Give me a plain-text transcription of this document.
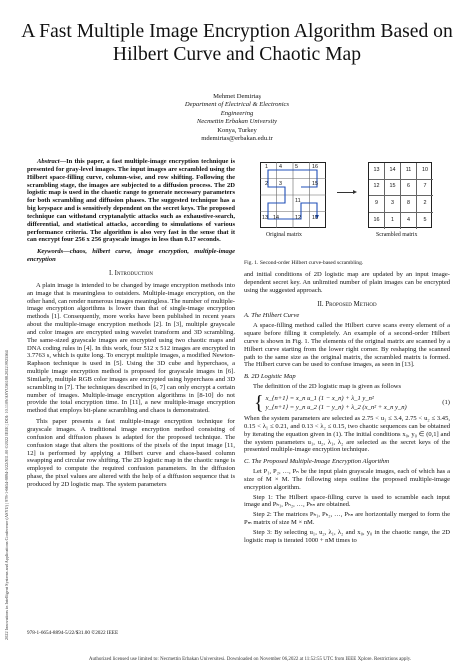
2022 Innovations in Intelligent Systems and Applications Conference (ASYU) | 978-1-6654-8894-5/22/$31.00 ©2022 IEEE | DOI: 10.1109/ASYU56188.2022.9925564
A Fast Multiple Image Encryption Algorithm Based on Hilbert Curve and Chaotic Map
Mehmet Demirtaş
Department of Electrical & Electronics
Engineering
Necmettin Erbakan University
Konya, Turkey
mdemirtas@erbakan.edu.tr

Abstract—In this paper, a fast multiple-image encryption technique is presented for gray-level images. The input images are scrambled using the Hilbert space-filling curve, column-wise, and row shifting. Following the scrambling stage, the images are subjected to a diffusion process. The 2D logistic map is used in the chaotic range to generate necessary parameters for both scrambling and diffusion phases. The suggested technique has a big keyspace and is sensitively dependent on the secret keys. The proposed technique can withstand cryptanalytic attacks such as exhaustive-search, differential, and statistical attacks, according to simulations of various performance criteria. The algorithm is also very fast in the sense that it can encrypt four 256 x 256 grayscale images in less than 0.17 seconds.

Keywords—chaos, hilbert curve, image encryption, multiple-image encryption

I. Introduction

A plain image is intended to be changed by image encryption methods into an image that is meaningless to outsiders. Multiple-image encryption, on the other hand, can render numerous images meaningless. The number of multiple-image encryption algorithms is lower than that of single-image encryption methods [1]. Consequently, more works have been published in recent years about the multiple-image encryption methods [2]. In [3], multiple grayscale and color images are encrypted using wavelet transform and 3D scrambling. The same-sized grayscale images are encrypted using two chaotic maps and DNA coding rules in [4]. In this work, four 512 x 512 images are encrypted in 3.7763 s, which is quite long. To encrypt multiple images, a modified Newton-Raphson technique is used in [5]. Using the 3D cube and hyperchaos, a multiple image encryption method is proposed for grayscale images in [6]. Similarly, multiple RGB color images are encrypted using hyperchaos and 3D scrambling in [7]. The techniques described in [6, 7] can only encrypt a certain number of images. Multiple-image encryption algorithms in [8-10] do not provide the total encryption time. In [11], a new multiple-image encryption method that employs bit-plane scrambling and chaos is demonstrated.

This paper presents a fast multiple-image encryption technique for grayscale images. A traditional image encryption method consisting of confusion and diffusion phases is adapted for the proposed technique. The confusion stage that alters the positions of the pixels of the input image [11, 12] is performed by applying a Hilbert curve and chaos-based column swapping and circular row shifting. The 2D logistic map in the chaotic range is employed to compute the required confusion parameters. In the diffusion phase, the pixel values are altered with the help of a diffusion sequence that is produced by 2D logistic map. The system parameters

1 4 5	16
2 3	15
11
13 14	12 10
13	14	11	10
12	15	6	7
9	3	8	2
16	1	4	5
Original matrix	Scrambled matrix
Fig. 1. Second-order Hilbert curve-based scrambling.

and initial conditions of 2D logistic map are updated by an input image-dependent secret key. An unlimited number of plain images can be encrypted using the suggested approach.

II. Proposed Method
A. The Hilbert Curve

A space-filling method called the Hilbert curve scans every element of a square before filling it completely. An example of a second-order Hilbert curve is shown in Fig. 1. The elements of the original matrix are scanned by a Hilbert curve starting from the lower right corner. By reshaping the scanned path to the same size as the original matrix, the scrambled matrix is formed. The Hilbert curve can be used to confuse images, as seen in [13].

B. 2D Logistic Map

The definition of the 2D logistic map is given as follows

{ x_{n+1} = x_n u_1 (1 − x_n) + λ_1 y_n²
y_{n+1} = y_n u_2 (1 − y_n) + λ_2 (x_n² + x_n y_n)
(1)

When the system parameters are selected as 2.75 < u₁ ≤ 3.4, 2.75 < u₂ ≤ 3.45, 0.15 < λ₁ ≤ 0.21, and 0.13 < λ₂ ≤ 0.15, two chaotic sequences can be obtained by iterating the equation given in (1). The initial conditions x₀, y₀ ∈ (0,1] and the system parameters u₁, u₂, λ₁, λ₂ are selected as the secret keys of the presented multiple-image encryption technique.

C. The Proposed Multiple-Image Encryption Algorithm

Let P₁, P₂, …, Pₙ be the input plain grayscale images, each of which has a size of M × M. The following steps outline the proposed multiple-image encryption algorithm.

Step 1: The Hilbert space-filling curve is used to scramble each input image and Pₕ₁, Pₕ₂, …, Pₕₙ are obtained.

Step 2: The matrices Pₕ₁, Pₕ₂, …, Pₕₙ are horizontally merged to form the Pₘ matrix of size M × nM.

Step 3: By selecting u₁, u₂, λ₁, λ₂ and x₀, y₀ in the chaotic range, the 2D logistic map is iterated 1000 + nM times to

978-1-6654-8894-5/22/$31.00 ©2022 IEEE
Authorized licensed use limited to: Necmettin Erbakan Universitesi. Downloaded on November 06,2022 at 11:52:55 UTC from IEEE Xplore. Restrictions apply.
